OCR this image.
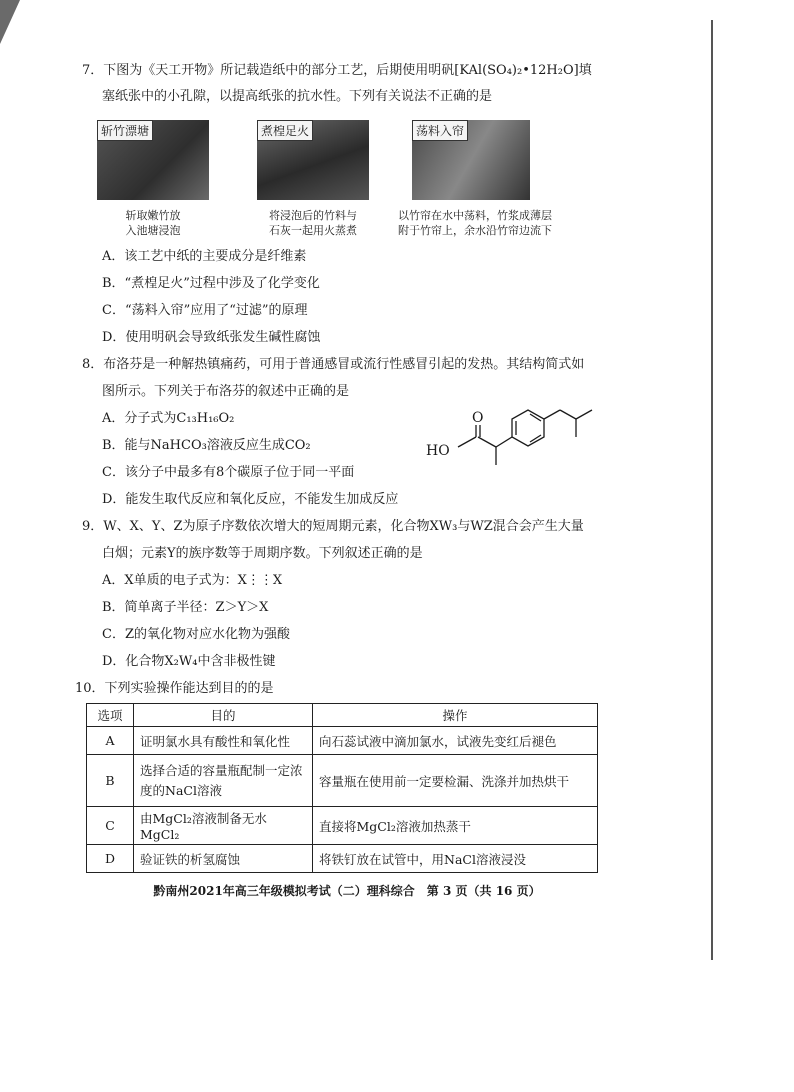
7．下图为《天工开物》所记载造纸中的部分工艺，后期使用明矾[KAl(SO₄)₂•12H₂O]填
塞纸张中的小孔隙，以提高纸张的抗水性。下列有关说法不正确的是
斩竹漂塘	煮楻足火	荡料入帘
斩取嫩竹放
入池塘浸泡
将浸泡后的竹料与
石灰一起用火蒸煮
以竹帘在水中荡料，竹浆成薄层
附于竹帘上，余水沿竹帘边流下
A．该工艺中纸的主要成分是纤维素
B．“煮楻足火”过程中涉及了化学变化
C．“荡料入帘”应用了“过滤”的原理
D．使用明矾会导致纸张发生碱性腐蚀
8．布洛芬是一种解热镇痛药，可用于普通感冒或流行性感冒引起的发热。其结构简式如
图所示。下列关于布洛芬的叙述中正确的是
A．分子式为C₁₃H₁₆O₂
B．能与NaHCO₃溶液反应生成CO₂
C．该分子中最多有8个碳原子位于同一平面
D．能发生取代反应和氧化反应，不能发生加成反应
O
HO
9．W、X、Y、Z为原子序数依次增大的短周期元素，化合物XW₃与WZ混合会产生大量
白烟；元素Y的族序数等于周期序数。下列叙述正确的是
A．X单质的电子式为：X⋮⋮X
B．简单离子半径：Z＞Y＞X
C．Z的氧化物对应水化物为强酸
D．化合物X₂W₄中含非极性键
10．下列实验操作能达到目的的是
选项	目的	操作
A	证明氯水具有酸性和氧化性	向石蕊试液中滴加氯水，试液先变红后褪色
B	选择合适的容量瓶配制一定浓度的NaCl溶液	容量瓶在使用前一定要检漏、洗涤并加热烘干
C	由MgCl₂溶液制备无水MgCl₂	直接将MgCl₂溶液加热蒸干
D	验证铁的析氢腐蚀	将铁钉放在试管中，用NaCl溶液浸没
黔南州2021年高三年级模拟考试（二）理科综合　第 3 页（共 16 页）
